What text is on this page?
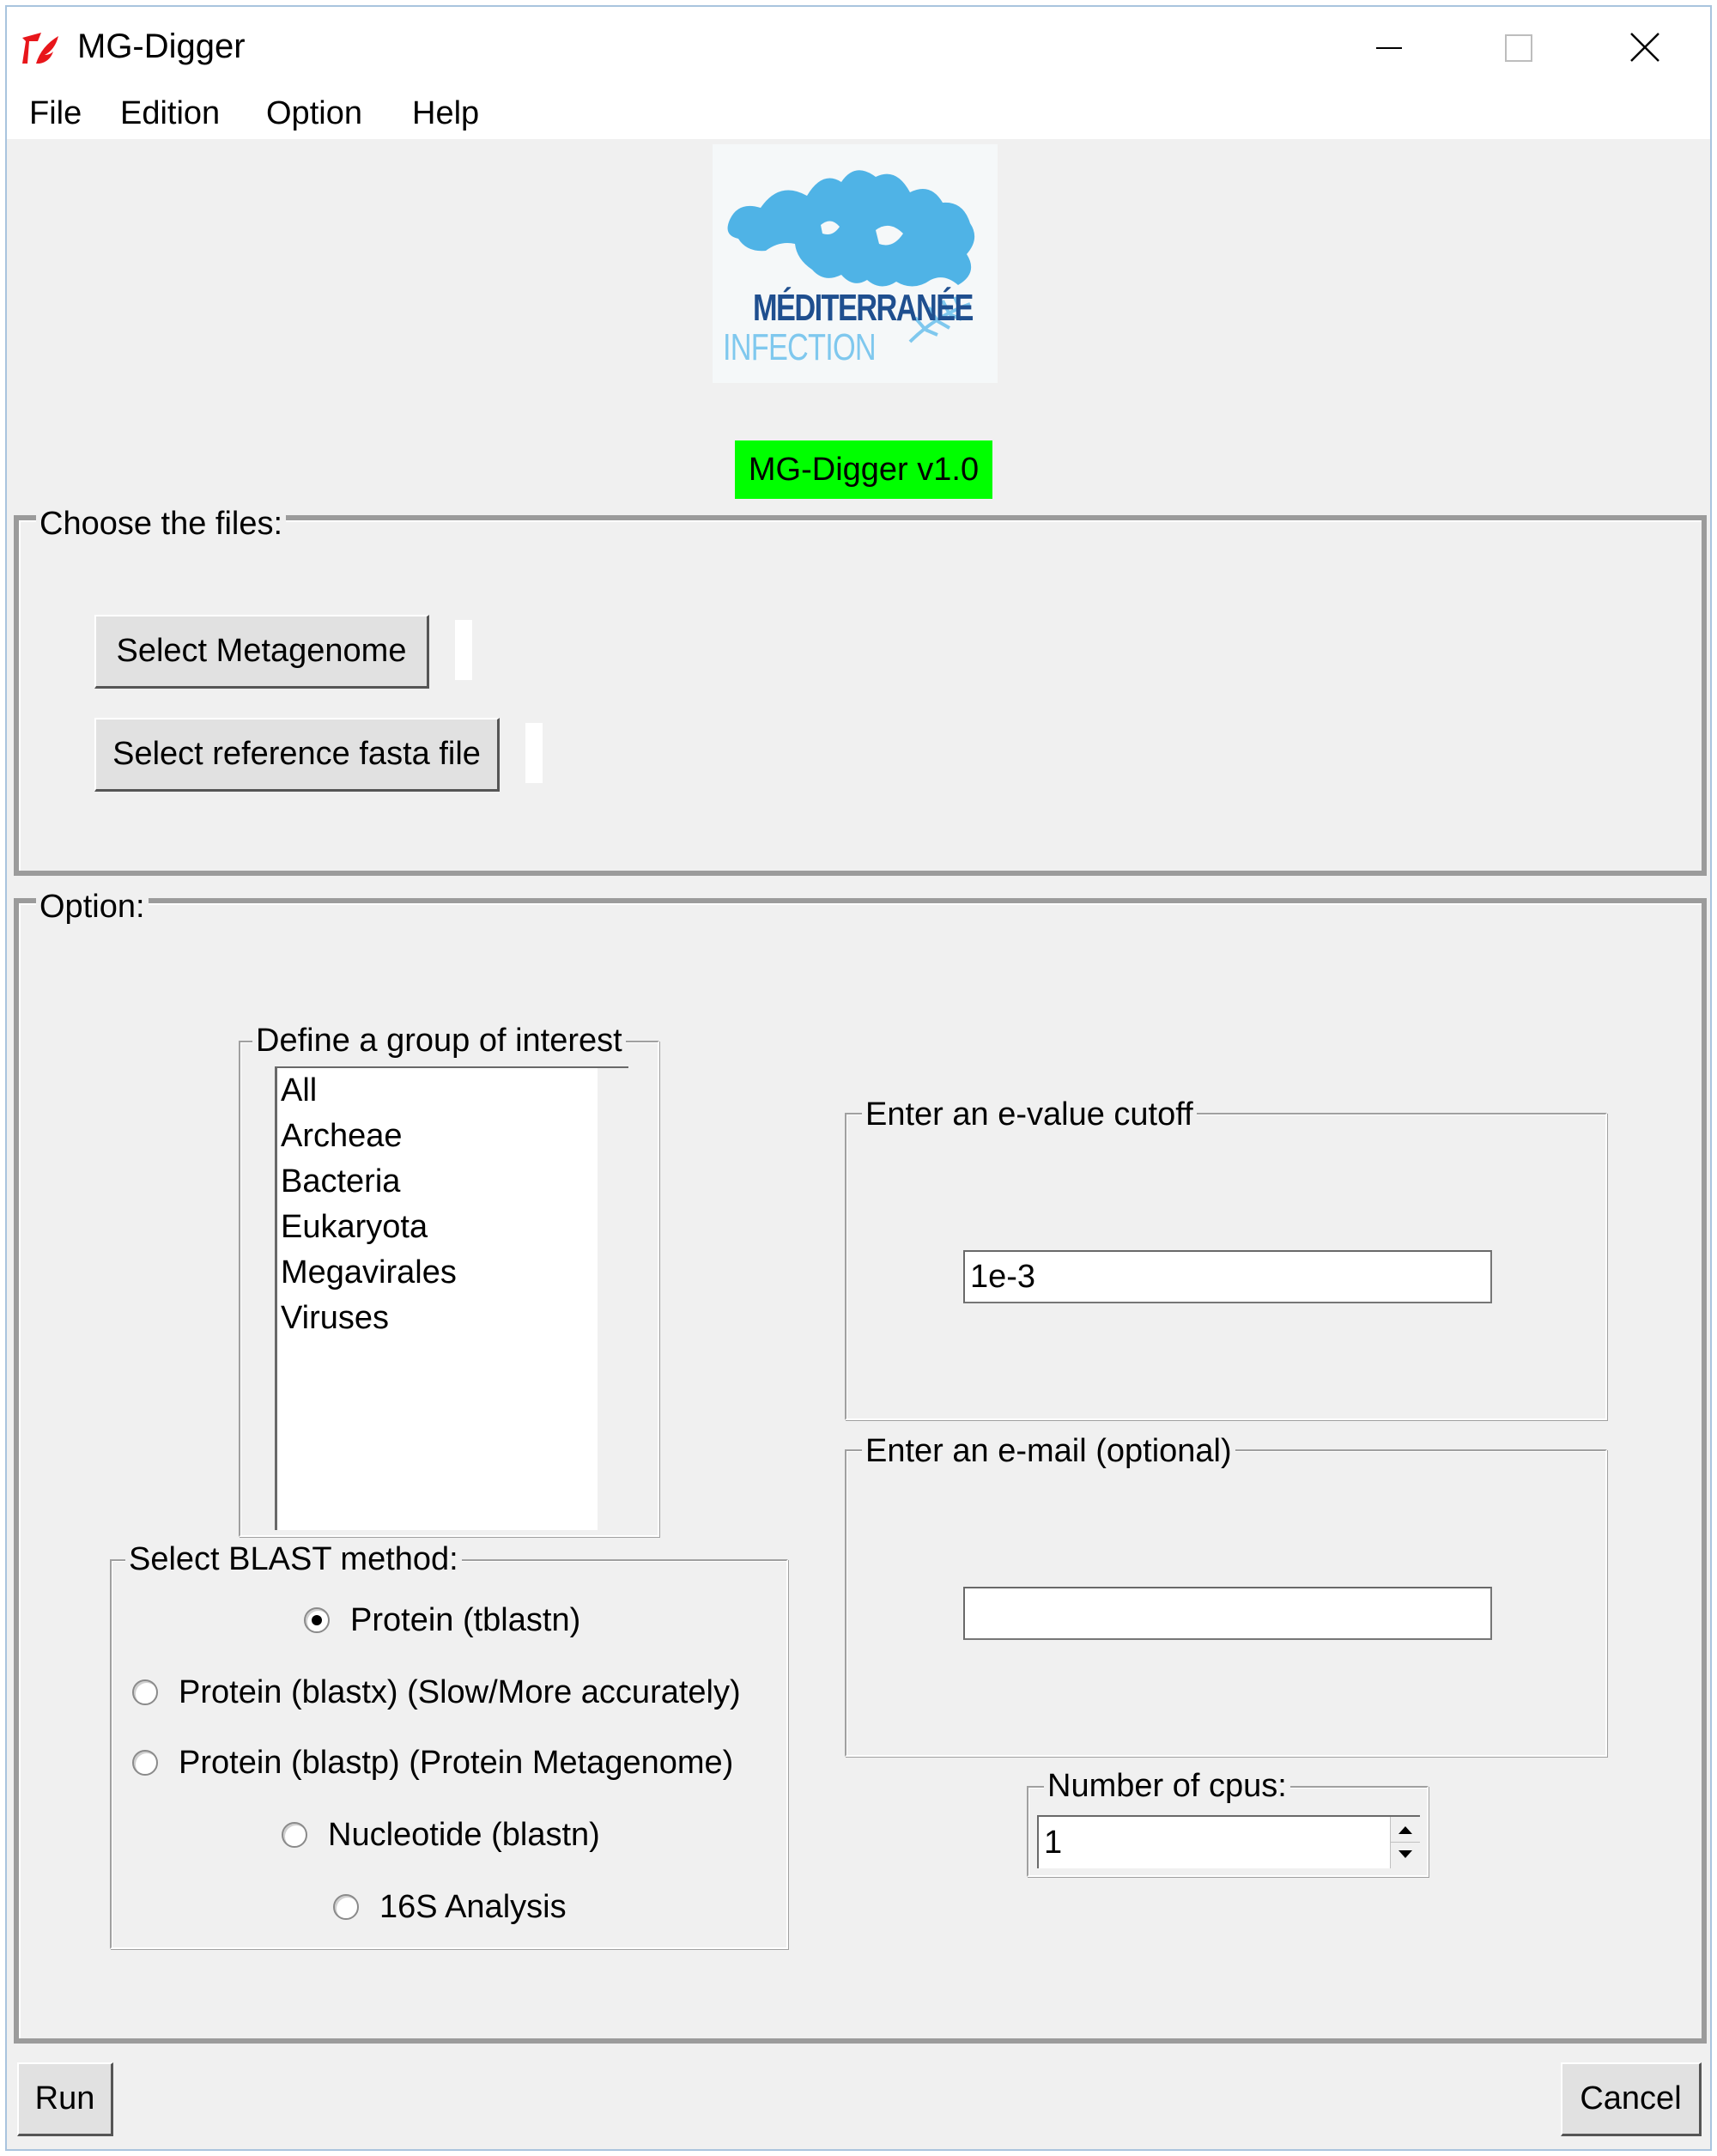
MG-Digger
File Edition Option Help
MÉDITERRANÉE
INFECTION
MG-Digger v1.0
Choose the files:
Select Metagenome
Select reference fasta file
Option:
Define a group of interest
All
Archeae
Bacteria
Eukaryota
Megavirales
Viruses
Select BLAST method:
Protein (tblastn)
Protein (blastx) (Slow/More accurately)
Protein (blastp) (Protein Metagenome)
Nucleotide (blastn)
16S Analysis
Enter an e-value cutoff
1e-3
Enter an e-mail (optional)
Number of cpus:
1
Run	Cancel
